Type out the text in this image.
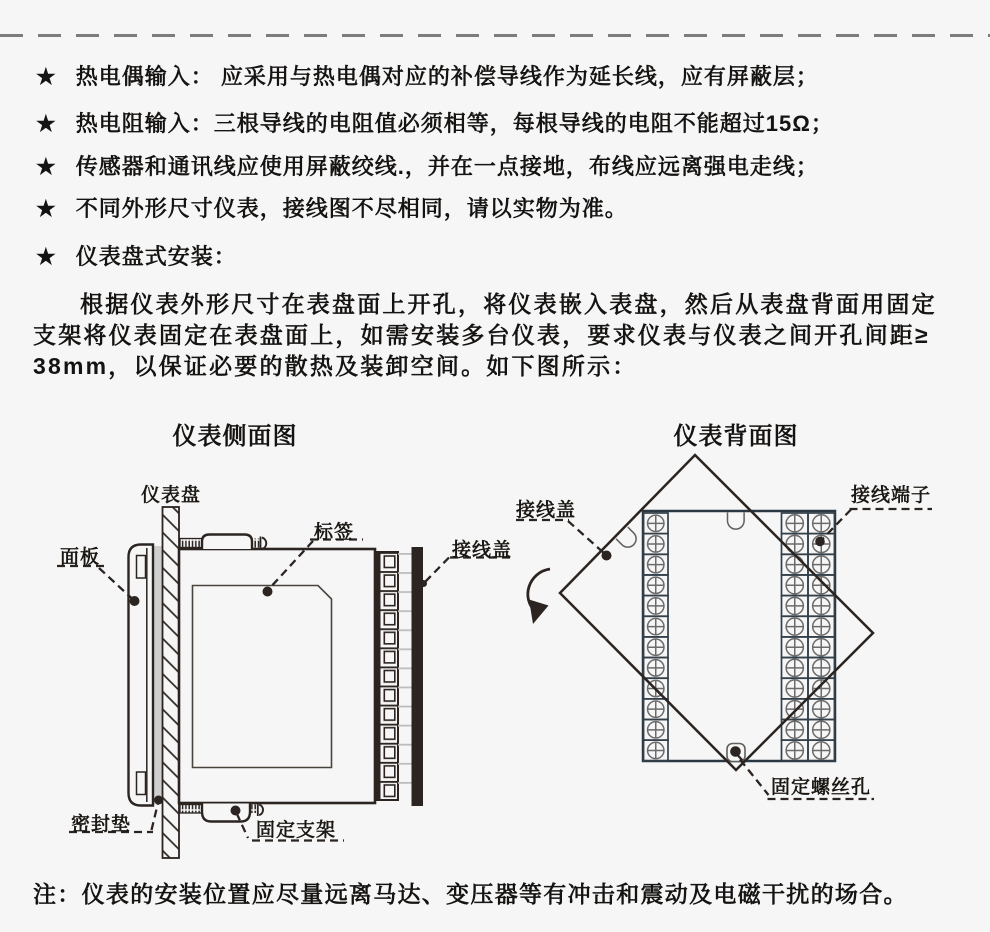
★ 热电偶输入： 应采用与热电偶对应的补偿导线作为延长线，应有屏蔽层；
★ 热电阻输入：三根导线的电阻值必须相等，每根导线的电阻不能超过15Ω；
★ 传感器和通讯线应使用屏蔽绞线.，并在一点接地，布线应远离强电走线；
★ 不同外形尺寸仪表，接线图不尽相同，请以实物为准。
★ 仪表盘式安装：
根据仪表外形尺寸在表盘面上开孔，将仪表嵌入表盘，然后从表盘背面用固定
支架将仪表固定在表盘面上，如需安装多台仪表，要求仪表与仪表之间开孔间距≥
38mm，以保证必要的散热及装卸空间。如下图所示：
仪表侧面图	仪表背面图
仪表盘
标签
接线盖
面板
密封垫	固定支架
接线盖
接线端子
固定螺丝孔
注：仪表的安装位置应尽量远离马达、变压器等有冲击和震动及电磁干扰的场合。
